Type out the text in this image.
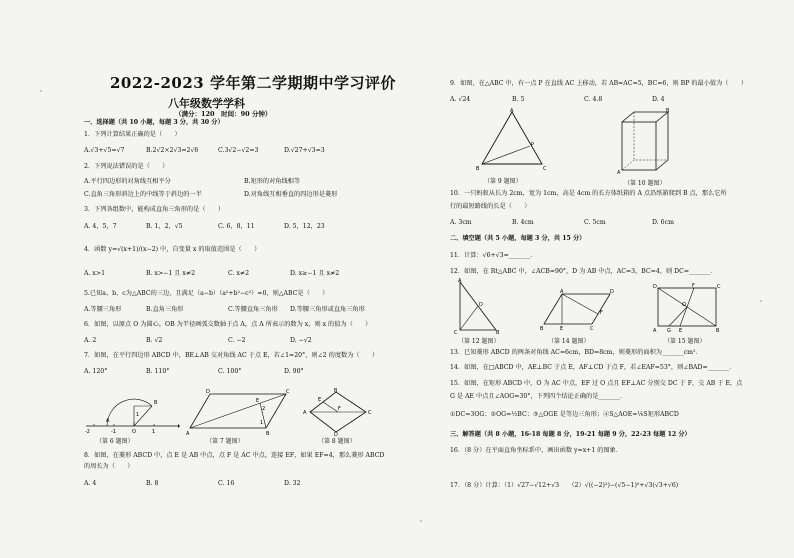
2022-2023 学年第二学期期中学习评价
八年级数学学科
（满分：120　时间：90 分钟）
一、选择题（共 10 小题，每题 3 分，共 30 分）
1．下列计算结果正确的是（　　）
A.√3+√5=√7	B.2√2×2√3=2√6	C.3√2−√2=3	D.√27+√3=3
2．下列说法错误的是（　　）
A.平行四边形的对角线互相平分	B.矩形的对角线相等
C.直角三角形斜边上的中线等于斜边的一半	D.对角线互相垂直的四边形是菱形
3．下列各组数中，能构成直角三角形的是（　　）
A. 4，5，7	B. 1，2，√5	C. 6，8，11	D. 5，12，23
4．函数 y=√(x+1)/(x−2) 中，自变量 x 的取值范围是（　　）
A. x>1	B. x>−1 且 x≠2	C. x≠2	D. x≥−1 且 x≠2
5.已知a、b、c为△ABC的三边，且满足（a−b）（a²+b²−c²）=0，则△ABC是（　　）
A.等腰三角形	B.直角三角形	C.等腰直角三角形 D.等腰三角形或直角三角形
6．如图，以原点 O 为圆心，OB 为半径画弧交数轴于点 A，点 A 所表示的数为 x，则 x 的值为（　　）
A. 2	B. √2	C. −2	D. −√2
7．如图，在平行四边形 ABCD 中，BE⊥AB 交对角线 AC 于点 E，若∠1=20°，则∠2 的度数为（　　）
A. 120°	B. 110°	C. 100°	D. 90°
-2
A
-1	O	1
1
B
（第 6 题图）
A	B
C
D
E
2
1
（第 7 题图）
A
B
C
D
E
F
（第 8 题图）
8．如图，在菱形 ABCD 中，点 E 是 AB 中点，点 F 是 AC 中点，连接 EF，如果 EF=4，那么菱形 ABCD
的周长为（　　）
A. 4	B. 8	C. 16	D. 32
9．如图，在△ABC 中，有一点 P 在直线 AC 上移动，若 AB=AC=5，BC=6，则 BP 的最小值为（　　）
A. √24	B. 5	C. 4.8	D. 4
A
B	C
P
（第 9 题图）
B
A
（第 10 题图）
10．一只蚂蚁从长为 2cm，宽为 1cm，高是 4cm 的长方体纸箱的 A 点沿纸箱爬到 B 点，那么它所
行的最短路线的长是（　　）
A. 3cm	B. 4cm	C. 5cm	D. 6cm
二、填空题（共 5 小题，每题 3 分，共 15 分）
11．计算：√6+√3=_______．
12．如图，在 Rt△ABC 中，∠ACB=90°，D 为 AB 中点，AC=3，BC=4，则 DC=_______．
A
C	B
D
（第 12 题图）
A
B	E	C
D
F
（第 14 题图）
D	F	C
O
A G E	B
（第 15 题图）
13．已知菱形 ABCD 的两条对角线 AC=6cm，BD=8cm，则菱形的面积为_______cm²．
14．如图，在□ABCD 中，AE⊥BC 于点 E，AF⊥CD 于点 F，若∠EAF=53°，则∠BAD=_______．
15．如图，在矩形 ABCD 中，O 为 AC 中点，EF 过 O 点且 EF⊥AC 分别交 DC 于 F，交 AB 于 E，点
G 是 AE 中点且∠AOG=30°，下列四个结论正确的是_______．
①DC=3OG；②OG=½BC；③△OGE 是等边三角形；④S△AOE=⅙S矩形ABCD
三、解答题（共 8 小题，16-18 每题 8 分，19-21 每题 9 分，22-23 每题 12 分）
16．（8 分）在平面直角坐标系中，画出函数 y=x+1 的图象．
17．（8 分）计算：（1）√27−√12+√3　　（2）√((−2)²)−(√5−1)⁰+√3(√3+√6)
